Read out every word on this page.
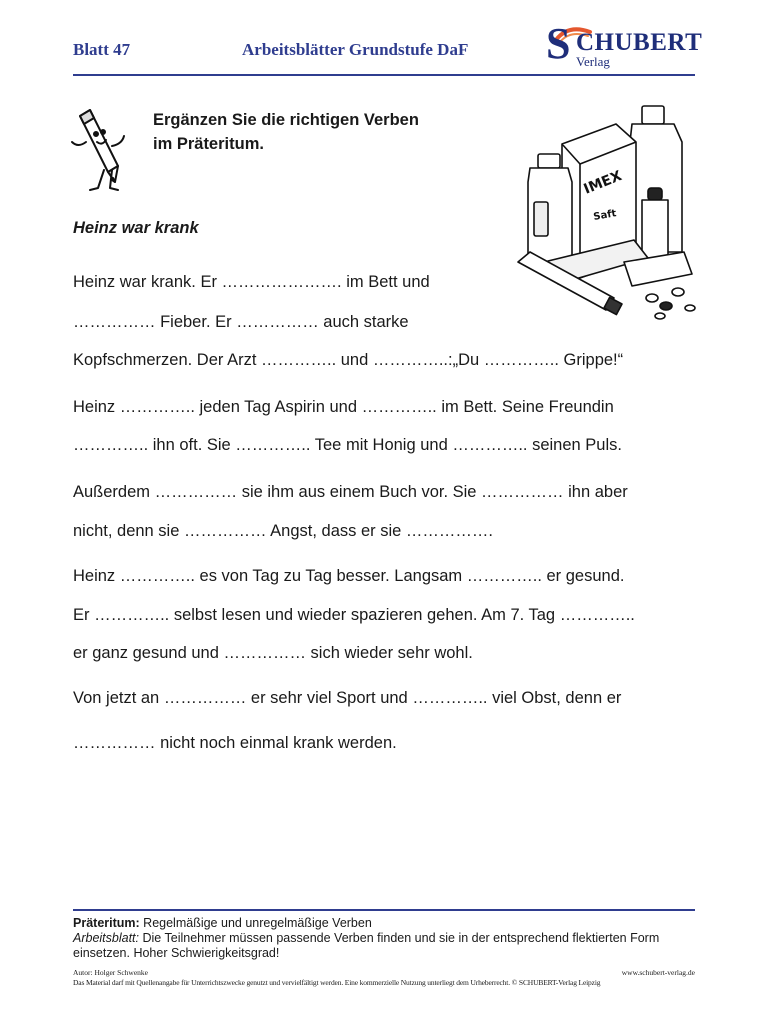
Blatt 47	Arbeitsblätter Grundstufe DaF S CHUBERT
Verlag
Ergänzen Sie die richtigen Verben
im Präteritum.
IMEX
Saft
Heinz war krank
Heinz war krank. Er …………………. im Bett und
…………… Fieber. Er …………… auch starke
Kopfschmerzen. Der Arzt ………….. und …………..:„Du ………….. Grippe!“
Heinz ………….. jeden Tag Aspirin und ………….. im Bett. Seine Freundin
………….. ihn oft. Sie ………….. Tee mit Honig und ………….. seinen Puls.
Außerdem …………… sie ihm aus einem Buch vor. Sie …………… ihn aber
nicht, denn sie …………… Angst, dass er sie …………….
Heinz ………….. es von Tag zu Tag besser. Langsam ………….. er gesund.
Er ………….. selbst lesen und wieder spazieren gehen. Am 7. Tag …………..
er ganz gesund und …………… sich wieder sehr wohl.
Von jetzt an …………… er sehr viel Sport und ………….. viel Obst, denn er
…………… nicht noch einmal krank werden.
Präteritum: Regelmäßige und unregelmäßige Verben
Arbeitsblatt: Die Teilnehmer müssen passende Verben finden und sie in der entsprechend flektierten Form
einsetzen. Hoher Schwierigkeitsgrad!
Autor: Holger Schwenke	www.schubert-verlag.de
Das Material darf mit Quellenangabe für Unterrichtszwecke genutzt und vervielfältigt werden. Eine kommerzielle Nutzung unterliegt dem Urheberrecht. © SCHUBERT-Verlag Leipzig
